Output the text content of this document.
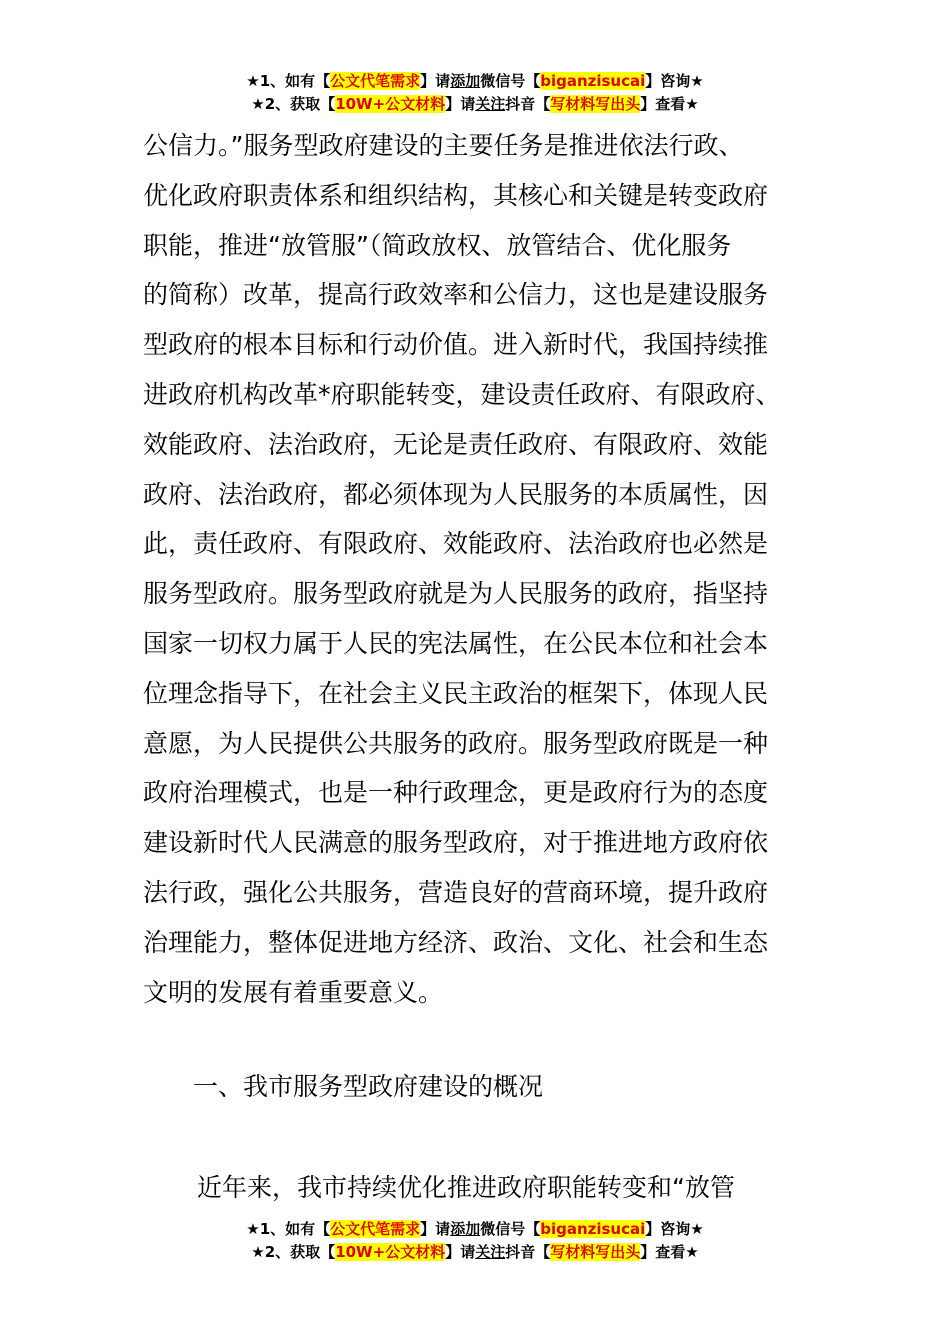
★1、如有【公文代笔需求】请添加微信号【biganzisucai】咨询★
★2、获取【10W+公文材料】请关注抖音【写材料写出头】查看★
公信力。”服务型政府建设的主要任务是推进依法行政、
优化政府职责体系和组织结构，其核心和关键是转变政府
职能，推进“放管服”（简政放权、放管结合、优化服务
的简称）改革，提高行政效率和公信力，这也是建设服务
型政府的根本目标和行动价值。进入新时代，我国持续推
进政府机构改革*府职能转变，建设责任政府、有限政府、
效能政府、法治政府，无论是责任政府、有限政府、效能
政府、法治政府，都必须体现为人民服务的本质属性，因
此，责任政府、有限政府、效能政府、法治政府也必然是
服务型政府。服务型政府就是为人民服务的政府，指坚持
国家一切权力属于人民的宪法属性，在公民本位和社会本
位理念指导下，在社会主义民主政治的框架下，体现人民
意愿，为人民提供公共服务的政府。服务型政府既是一种
政府治理模式，也是一种行政理念，更是政府行为的态度
建设新时代人民满意的服务型政府，对于推进地方政府依
法行政，强化公共服务，营造良好的营商环境，提升政府
治理能力，整体促进地方经济、政治、文化、社会和生态
文明的发展有着重要意义。
一、我市服务型政府建设的概况
近年来，我市持续优化推进政府职能转变和“放管
★1、如有【公文代笔需求】请添加微信号【biganzisucai】咨询★
★2、获取【10W+公文材料】请关注抖音【写材料写出头】查看★
